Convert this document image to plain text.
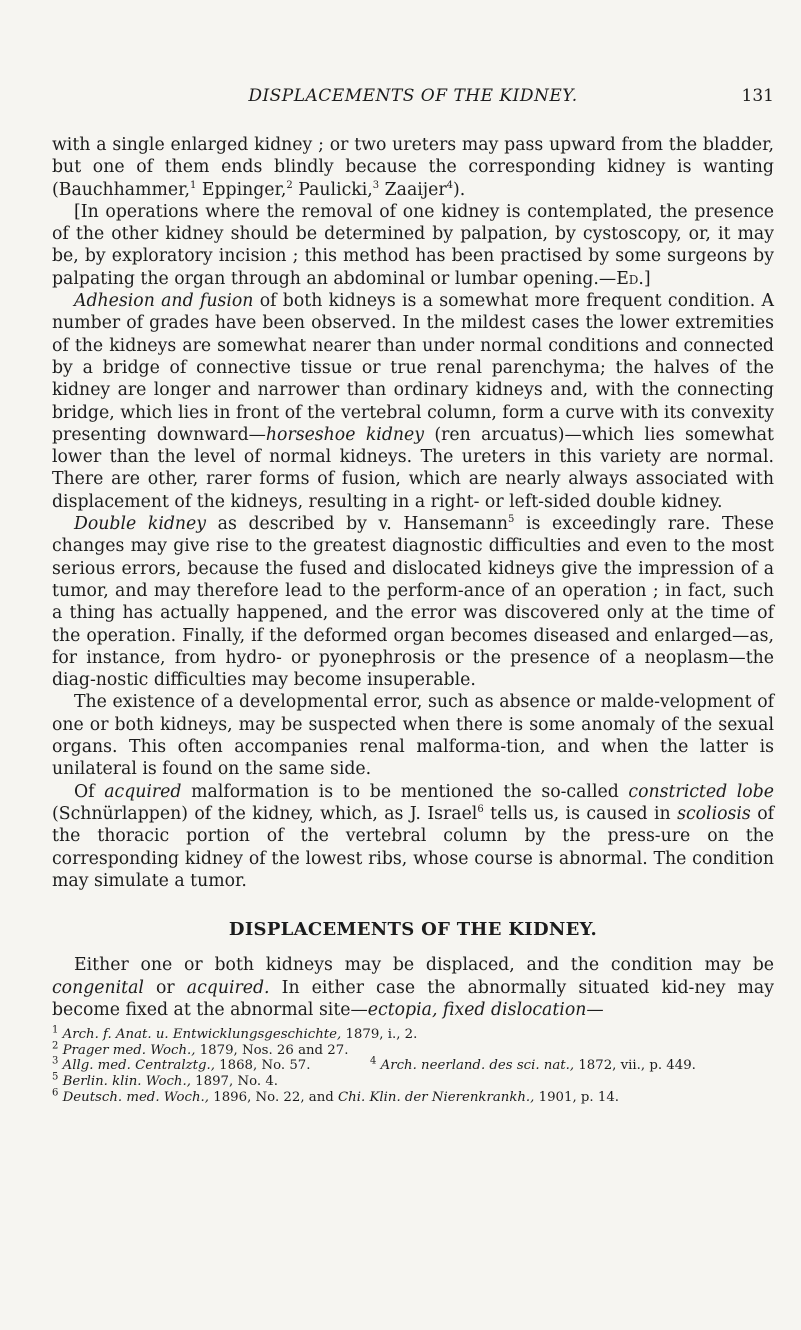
DISPLACEMENTS OF THE KIDNEY.	131

with a single enlarged kidney ; or two ureters may pass upward from the bladder, but one of them ends blindly because the corresponding kidney is wanting (Bauchhammer,$^1$ Eppinger,$^2$ Paulicki,$^3$ Zaaijer$^4$).

[In operations where the removal of one kidney is contemplated, the presence of the other kidney should be determined by palpation, by cystoscopy, or, it may be, by exploratory incision ; this method has been practised by some surgeons by palpating the organ through an abdominal or lumbar opening.—Ed.]

Adhesion and fusion of both kidneys is a somewhat more frequent condition. A number of grades have been observed. In the mildest cases the lower extremities of the kidneys are somewhat nearer than under normal conditions and connected by a bridge of connective tissue or true renal parenchyma; the halves of the kidney are longer and narrower than ordinary kidneys and, with the connecting bridge, which lies in front of the vertebral column, form a curve with its convexity presenting downward—horseshoe kidney (ren arcuatus)—which lies somewhat lower than the level of normal kidneys. The ureters in this variety are normal. There are other, rarer forms of fusion, which are nearly always associated with displacement of the kidneys, resulting in a right- or left-sided double kidney.

Double kidney as described by v. Hansemann$^5$ is exceedingly rare. These changes may give rise to the greatest diagnostic difficulties and even to the most serious errors, because the fused and dislocated kidneys give the impression of a tumor, and may therefore lead to the perform-ance of an operation ; in fact, such a thing has actually happened, and the error was discovered only at the time of the operation. Finally, if the deformed organ becomes diseased and enlarged—as, for instance, from hydro- or pyonephrosis or the presence of a neoplasm—the diag-nostic difficulties may become insuperable.

The existence of a developmental error, such as absence or malde-velopment of one or both kidneys, may be suspected when there is some anomaly of the sexual organs. This often accompanies renal malforma-tion, and when the latter is unilateral is found on the same side.

Of acquired malformation is to be mentioned the so-called constricted lobe (Schnürlappen) of the kidney, which, as J. Israel$^6$ tells us, is caused in scoliosis of the thoracic portion of the vertebral column by the press-ure on the corresponding kidney of the lowest ribs, whose course is abnormal. The condition may simulate a tumor.

DISPLACEMENTS OF THE KIDNEY.

Either one or both kidneys may be displaced, and the condition may be congenital or acquired. In either case the abnormally situated kid-ney may become fixed at the abnormal site—ectopia, fixed dislocation—

$^1$ Arch. f. Anat. u. Entwicklungsgeschichte, 1879, i., 2.
$^2$ Prager med. Woch., 1879, Nos. 26 and 27.
$^3$ Allg. med. Centralztg., 1868, No. 57.	$^4$ Arch. neerland. des sci. nat., 1872, vii., p. 449.
$^5$ Berlin. klin. Woch., 1897, No. 4.
$^6$ Deutsch. med. Woch., 1896, No. 22, and Chi. Klin. der Nierenkrankh., 1901, p. 14.
